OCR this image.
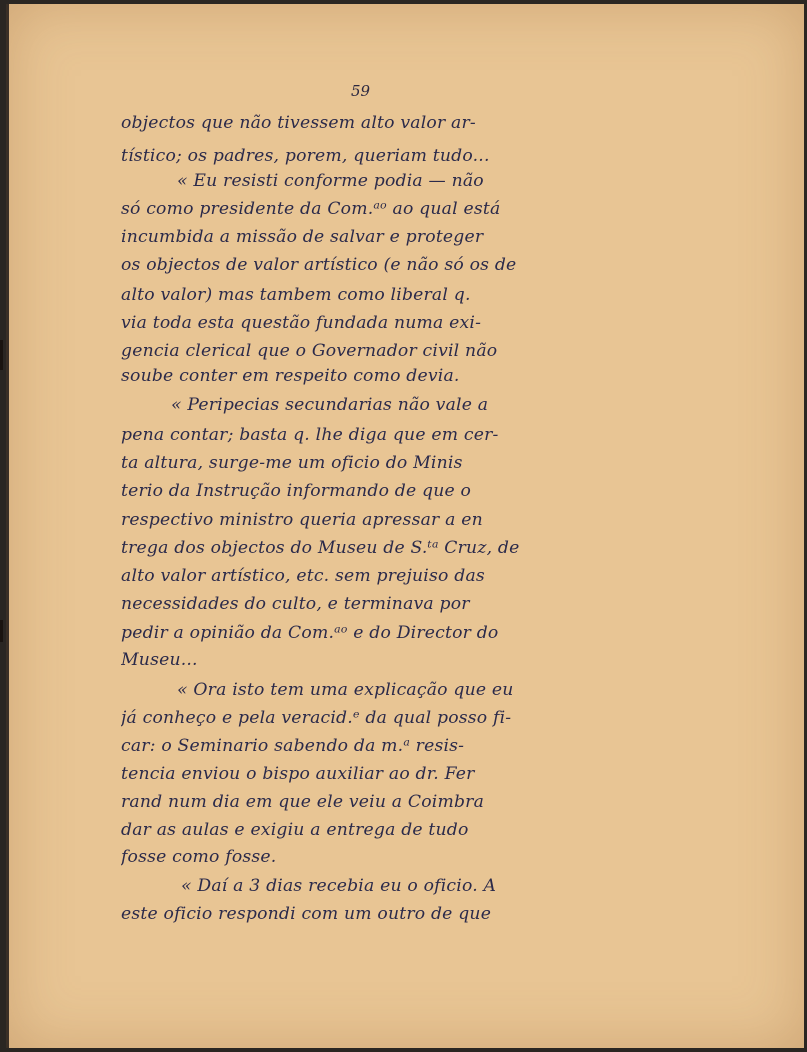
59
objectos que não tivessem alto valor ar-
tístico; os padres, porem, queriam tudo...
« Eu resisti conforme podia — não
só como presidente da Com.ᵃᵒ ao qual está
incumbida a missão de salvar e proteger
os objectos de valor artístico (e não só os de
alto valor) mas tambem como liberal q.
via toda esta questão fundada numa exi-
gencia clerical que o Governador civil não
soube conter em respeito como devia.
« Peripecias secundarias não vale a
pena contar; basta q. lhe diga que em cer-
ta altura, surge-me um oficio do Minis
terio da Instrução informando de que o
respectivo ministro queria apressar a en
trega dos objectos do Museu de S.ᵗᵃ Cruz, de
alto valor artístico, etc. sem prejuiso das
necessidades do culto, e terminava por
pedir a opinião da Com.ᵃᵒ e do Director do
Museu...
« Ora isto tem uma explicação que eu
já conheço e pela veracid.ᵉ da qual posso fi-
car: o Seminario sabendo da m.ᵃ resis-
tencia enviou o bispo auxiliar ao dr. Fer
rand num dia em que ele veiu a Coimbra
dar as aulas e exigiu a entrega de tudo
fosse como fosse.
« Daí a 3 dias recebia eu o oficio. A
este oficio respondi com um outro de que
